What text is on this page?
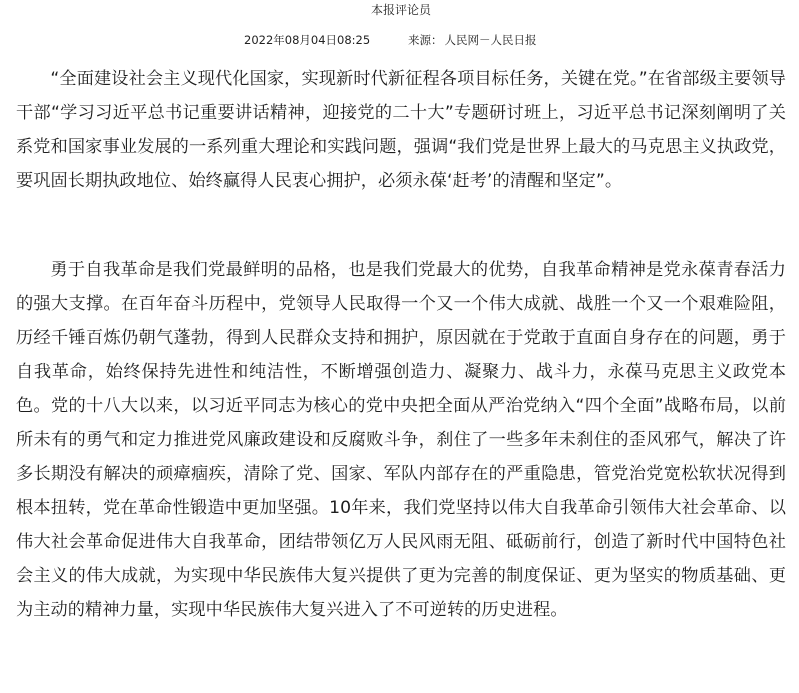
本报评论员
2022年08月04日08:25	来源： 人民网－人民日报

“全面建设社会主义现代化国家，实现新时代新征程各项目标任务，关键在党。”在省部级主要领导干部“学习习近平总书记重要讲话精神，迎接党的二十大”专题研讨班上，习近平总书记深刻阐明了关系党和国家事业发展的一系列重大理论和实践问题，强调“我们党是世界上最大的马克思主义执政党，要巩固长期执政地位、始终赢得人民衷心拥护，必须永葆‘赶考’的清醒和坚定”。

勇于自我革命是我们党最鲜明的品格，也是我们党最大的优势，自我革命精神是党永葆青春活力的强大支撑。在百年奋斗历程中，党领导人民取得一个又一个伟大成就、战胜一个又一个艰难险阻，历经千锤百炼仍朝气蓬勃，得到人民群众支持和拥护，原因就在于党敢于直面自身存在的问题，勇于自我革命，始终保持先进性和纯洁性，不断增强创造力、凝聚力、战斗力，永葆马克思主义政党本色。党的十八大以来，以习近平同志为核心的党中央把全面从严治党纳入“四个全面”战略布局，以前所未有的勇气和定力推进党风廉政建设和反腐败斗争，刹住了一些多年未刹住的歪风邪气，解决了许多长期没有解决的顽瘴痼疾，清除了党、国家、军队内部存在的严重隐患，管党治党宽松软状况得到根本扭转，党在革命性锻造中更加坚强。10年来，我们党坚持以伟大自我革命引领伟大社会革命、以伟大社会革命促进伟大自我革命，团结带领亿万人民风雨无阻、砥砺前行，创造了新时代中国特色社会主义的伟大成就，为实现中华民族伟大复兴提供了更为完善的制度保证、更为坚实的物质基础、更为主动的精神力量，实现中华民族伟大复兴进入了不可逆转的历史进程。
